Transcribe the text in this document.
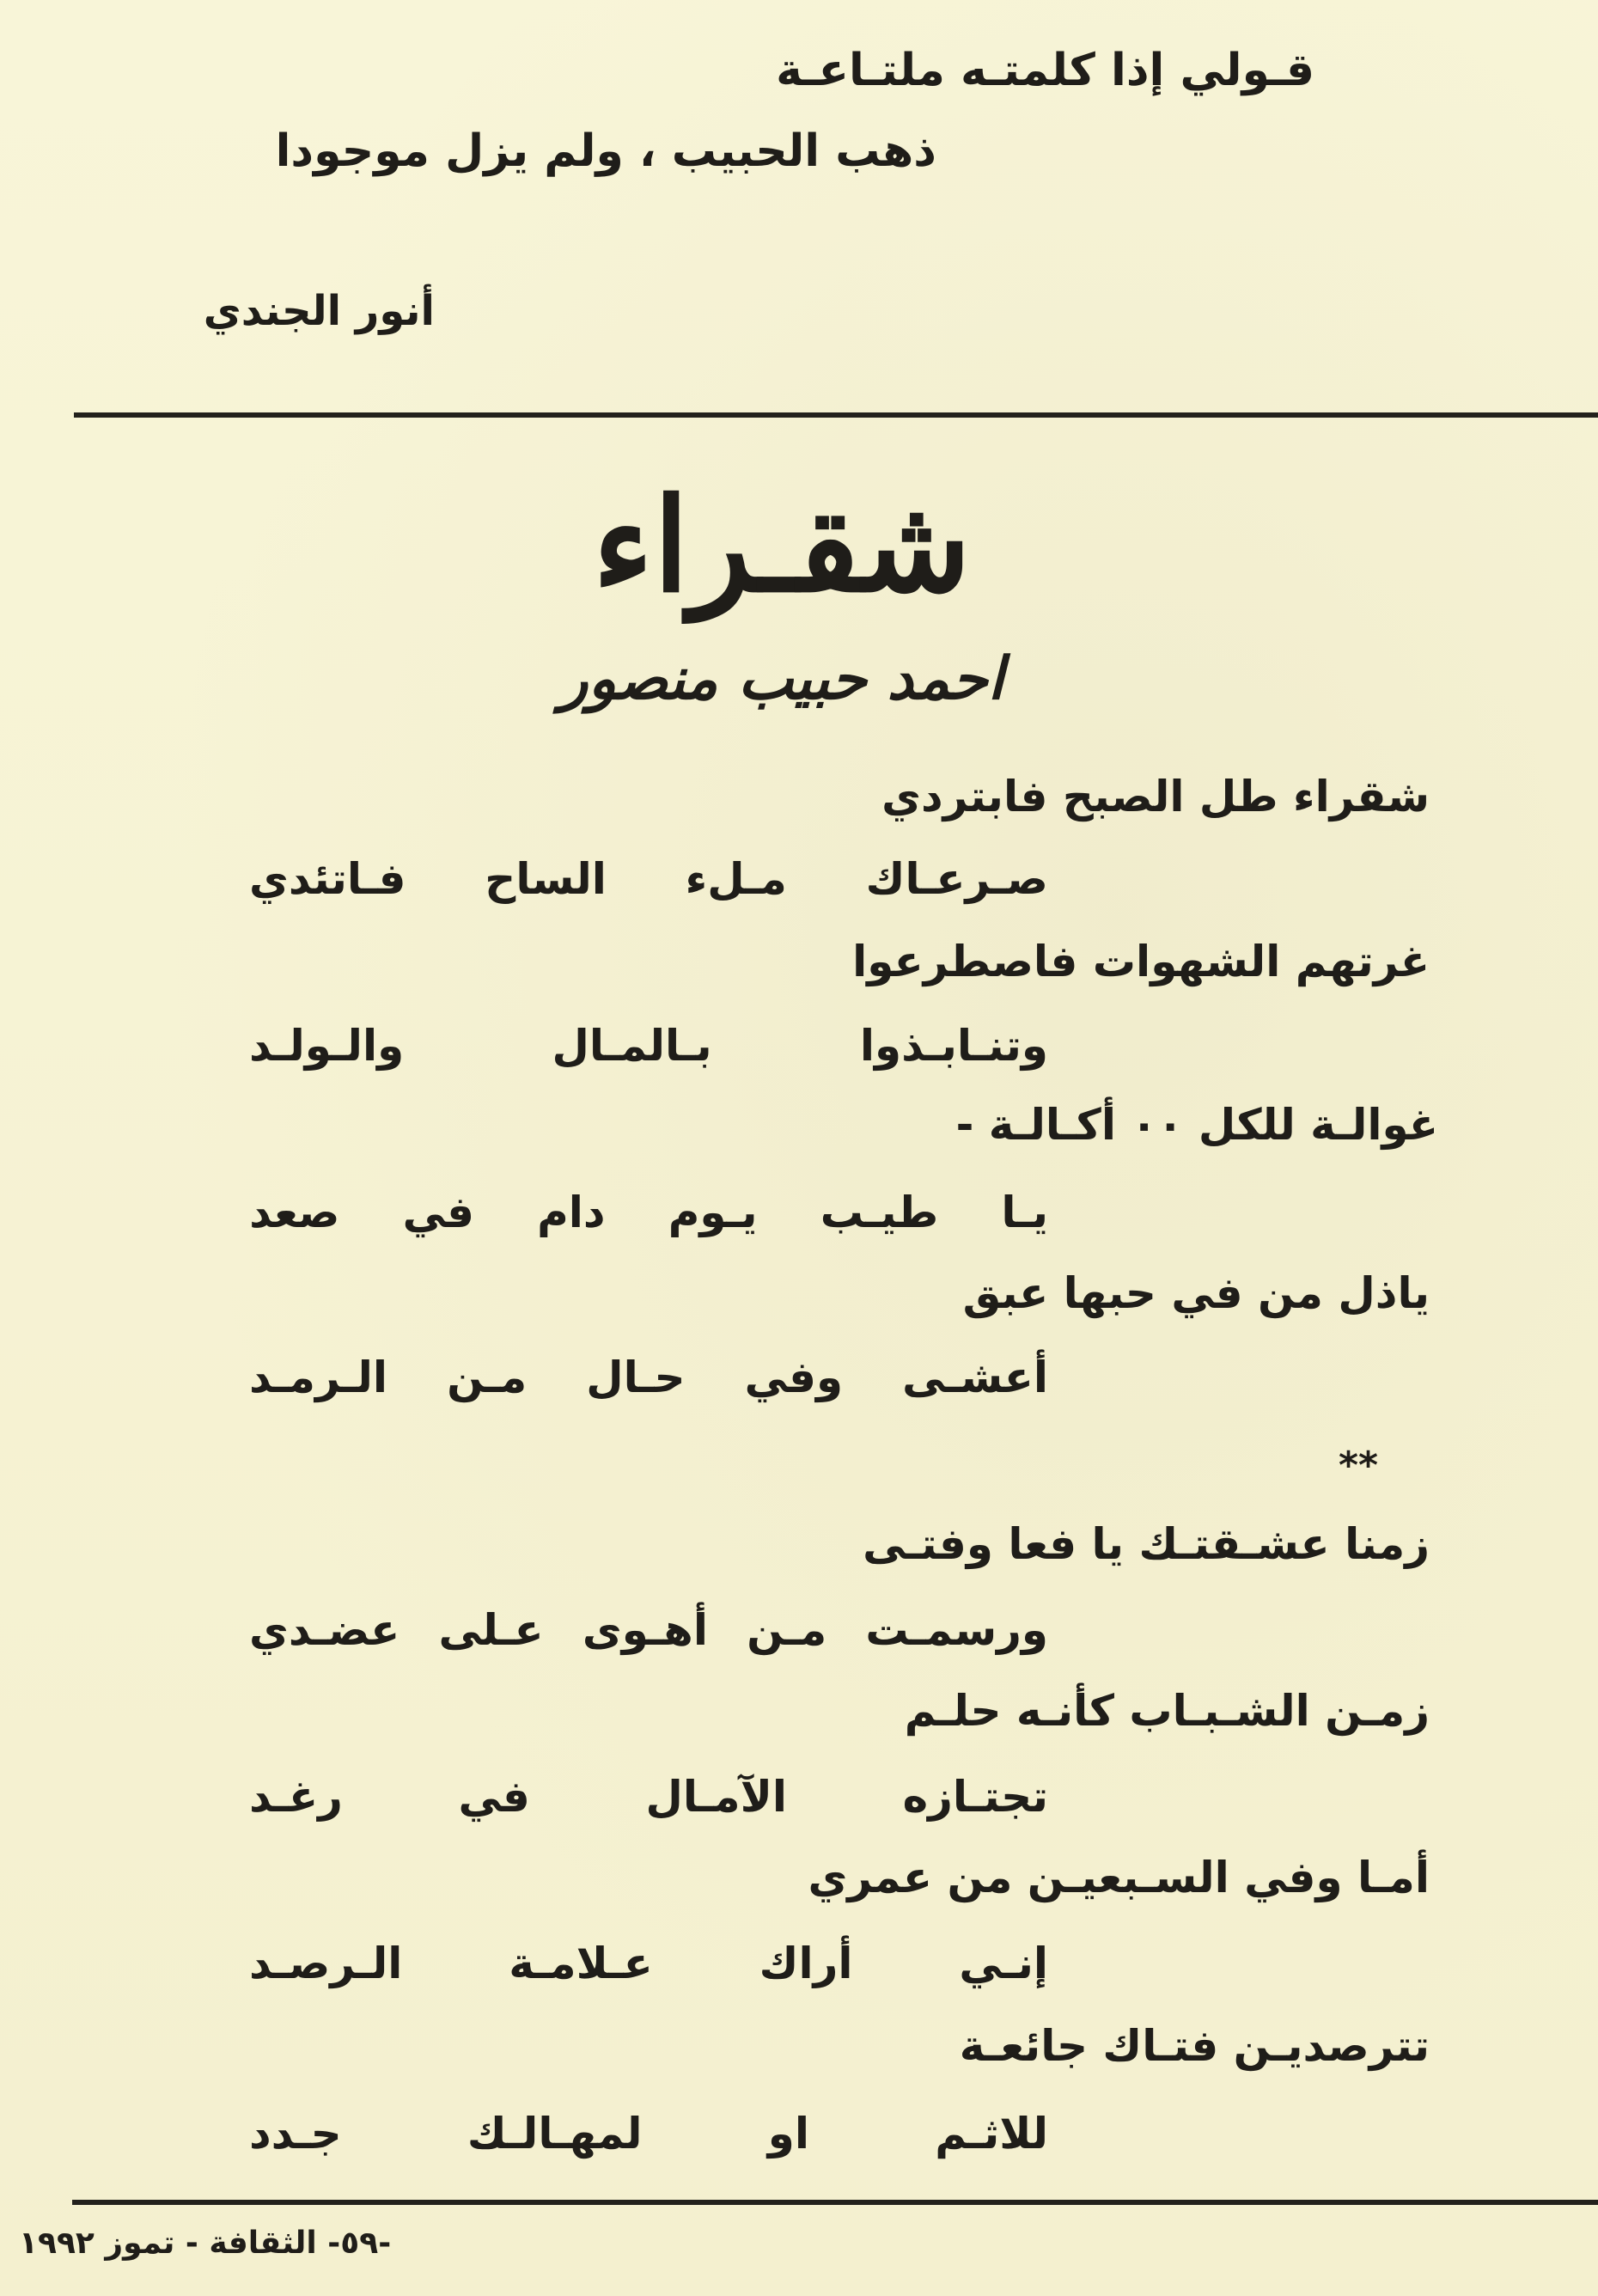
قـولي إذا كلمتـه ملتـاعـة
ذهب الحبيب ، ولم يزل موجودا
أنور الجندي
شقـراء
احمد حبيب منصور
شقراء طل الصبح فابتردي
صـرعـاك
مـلء
الساح
فـاتئدي
غرتهم الشهوات فاصطرعوا
وتنـابـذوا
بـالمـال
والـولـد
غوالـة للكل ٠٠ أكـالـة -
يـا
طيـب
يـوم
دام
في
صعد
ياذل من في حبها عبق
أعشـى
وفي
حـال
مـن
الـرمـد
**
زمنا عشـقتـك يا فعا وفتـى
ورسمـت
مـن
أهـوى
عـلى
عضـدي
زمـن الشـبـاب كأنـه حلـم
تجتـازه
الآمـال
في
رغـد
أمـا وفي السـبعيـن من عمري
إنـي
أراك
عـلامـة
الـرصـد
تترصديـن فتـاك جائعـة
للاثـم
او
لمهـالـك
جـدد
-٥٩- الثقافة - تموز ١٩٩٢
